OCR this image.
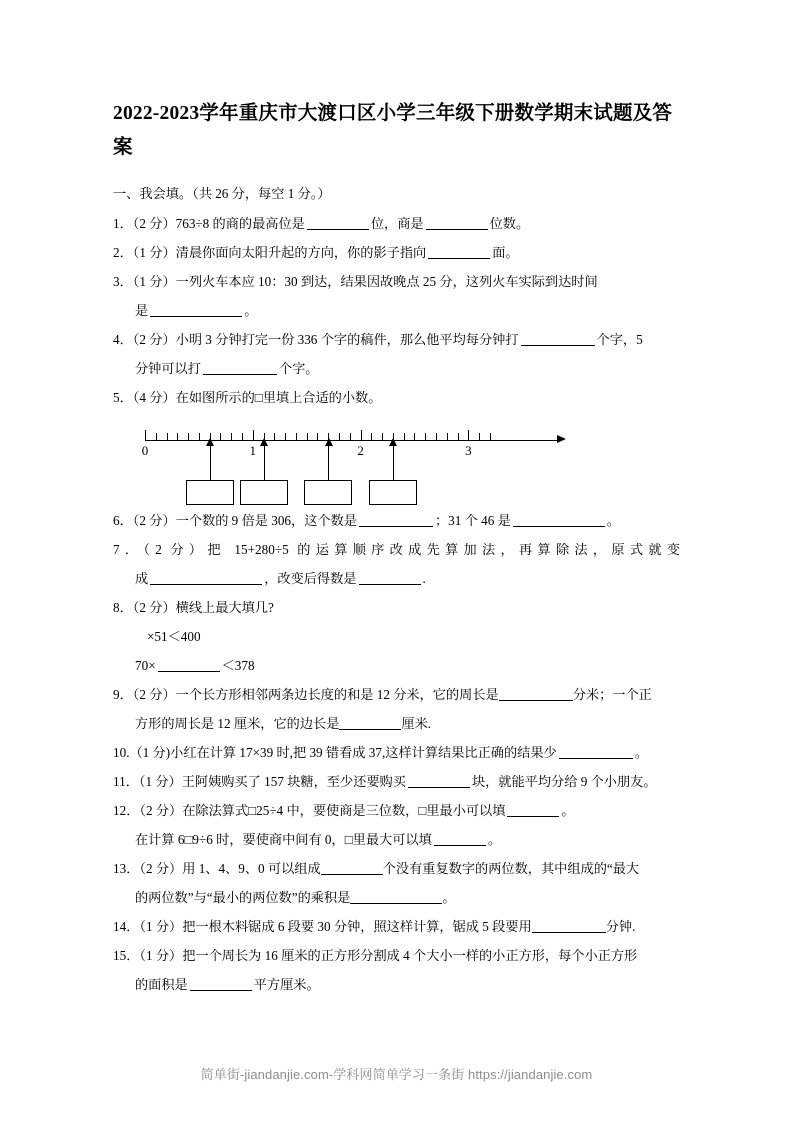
2022-2023学年重庆市大渡口区小学三年级下册数学期末试题及答案
一、我会填。（共 26 分，每空 1 分。）
1．（2 分）763÷8 的商的最高位是	位，商是	位数。
2．（1 分）清晨你面向太阳升起的方向，你的影子指向	面。
3．（1 分）一列火车本应 10：30 到达，结果因故晚点 25 分，这列火车实际到达时间
是	。
4．（2 分）小明 3 分钟打完一份 336 个字的稿件，那么他平均每分钟打	个字，5
分钟可以打	个字。
5．（4 分）在如图所示的□里填上合适的小数。
0	1	2	3
6．（2 分）一个数的 9 倍是 306，这个数是	；31 个 46 是	。
7．（2 分）把 15+280÷5 的运算顺序改成先算加法，再算除法，原式就变
成	，改变后得数是	.
8．（2 分）横线上最大填几?
×51＜400
70×	＜378
9．（2 分）一个长方形相邻两条边长度的和是 12 分米，它的周长是	分米；一个正
方形的周长是 12 厘米，它的边长是	厘米.
10.（1 分)小红在计算 17×39 时,把 39 错看成 37,这样计算结果比正确的结果少	。
11．（1 分）王阿姨购买了 157 块糖，至少还要购买	块，就能平均分给 9 个小朋友。
12．（2 分）在除法算式□25÷4 中，要使商是三位数，□里最小可以填	。
在计算 6□9÷6 时，要使商中间有 0，□里最大可以填	。
13．（2 分）用 1、4、9、0 可以组成	个没有重复数字的两位数，其中组成的“最大
的两位数”与“最小的两位数”的乘积是	。
14．（1 分）把一根木料锯成 6 段要 30 分钟，照这样计算，锯成 5 段要用	分钟.
15．（1 分）把一个周长为 16 厘米的正方形分割成 4 个大小一样的小正方形，每个小正方形
的面积是	平方厘米。
简单街-jiandanjie.com-学科网简单学习一条街 https://jiandanjie.com
